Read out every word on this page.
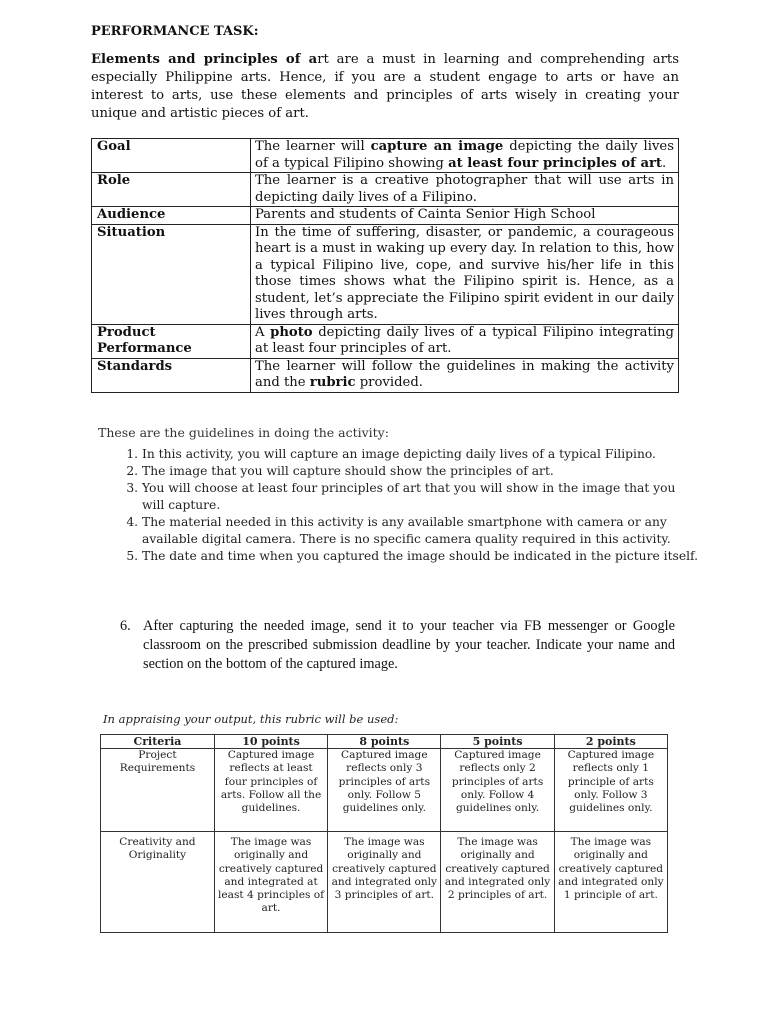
PERFORMANCE TASK:
Elements and principles of art are a must in learning and comprehending arts especially Philippine arts. Hence, if you are a student engage to arts or have an interest to arts, use these elements and principles of arts wisely in creating your unique and artistic pieces of art.
Goal	The learner will capture an image depicting the daily lives of a typical Filipino showing at least four principles of art.
Role	The learner is a creative photographer that will use arts in depicting daily lives of a Filipino.
Audience	Parents and students of Cainta Senior High School
Situation	In the time of suffering, disaster, or pandemic, a courageous heart is a must in waking up every day. In relation to this, how a typical Filipino live, cope, and survive his/her life in this those times shows what the Filipino spirit is. Hence, as a student, let’s appreciate the Filipino spirit evident in our daily lives through arts.

Product
Performance	A photo depicting daily lives of a typical Filipino integrating at least four principles of art.
Standards	The learner will follow the guidelines in making the activity and the rubric provided.
These are the guidelines in doing the activity:
1. In this activity, you will capture an image depicting daily lives of a typical Filipino.
2. The image that you will capture should show the principles of art.
3. You will choose at least four principles of art that you will show in the image that you will capture.
4. The material needed in this activity is any available smartphone with camera or any available digital camera. There is no specific camera quality required in this activity.
5. The date and time when you captured the image should be indicated in the picture itself.
6. After capturing the needed image, send it to your teacher via FB messenger or Google classroom on the prescribed submission deadline by your teacher. Indicate your name and section on the bottom of the captured image.
In appraising your output, this rubric will be used:
Criteria	10 points	8 points	5 points	2 points
Project Requirements	Captured image reflects at least four principles of arts. Follow all the guidelines.	Captured image reflects only 3 principles of arts only. Follow 5 guidelines only.	Captured image reflects only 2 principles of arts only. Follow 4 guidelines only.	Captured image reflects only 1 principle of arts only. Follow 3 guidelines only.
Creativity and Originality	The image was originally and creatively captured and integrated at least 4 principles of art.	The image was originally and creatively captured and integrated only 3 principles of art.	The image was originally and creatively captured and integrated only 2 principles of art.	The image was originally and creatively captured and integrated only 1 principle of art.
